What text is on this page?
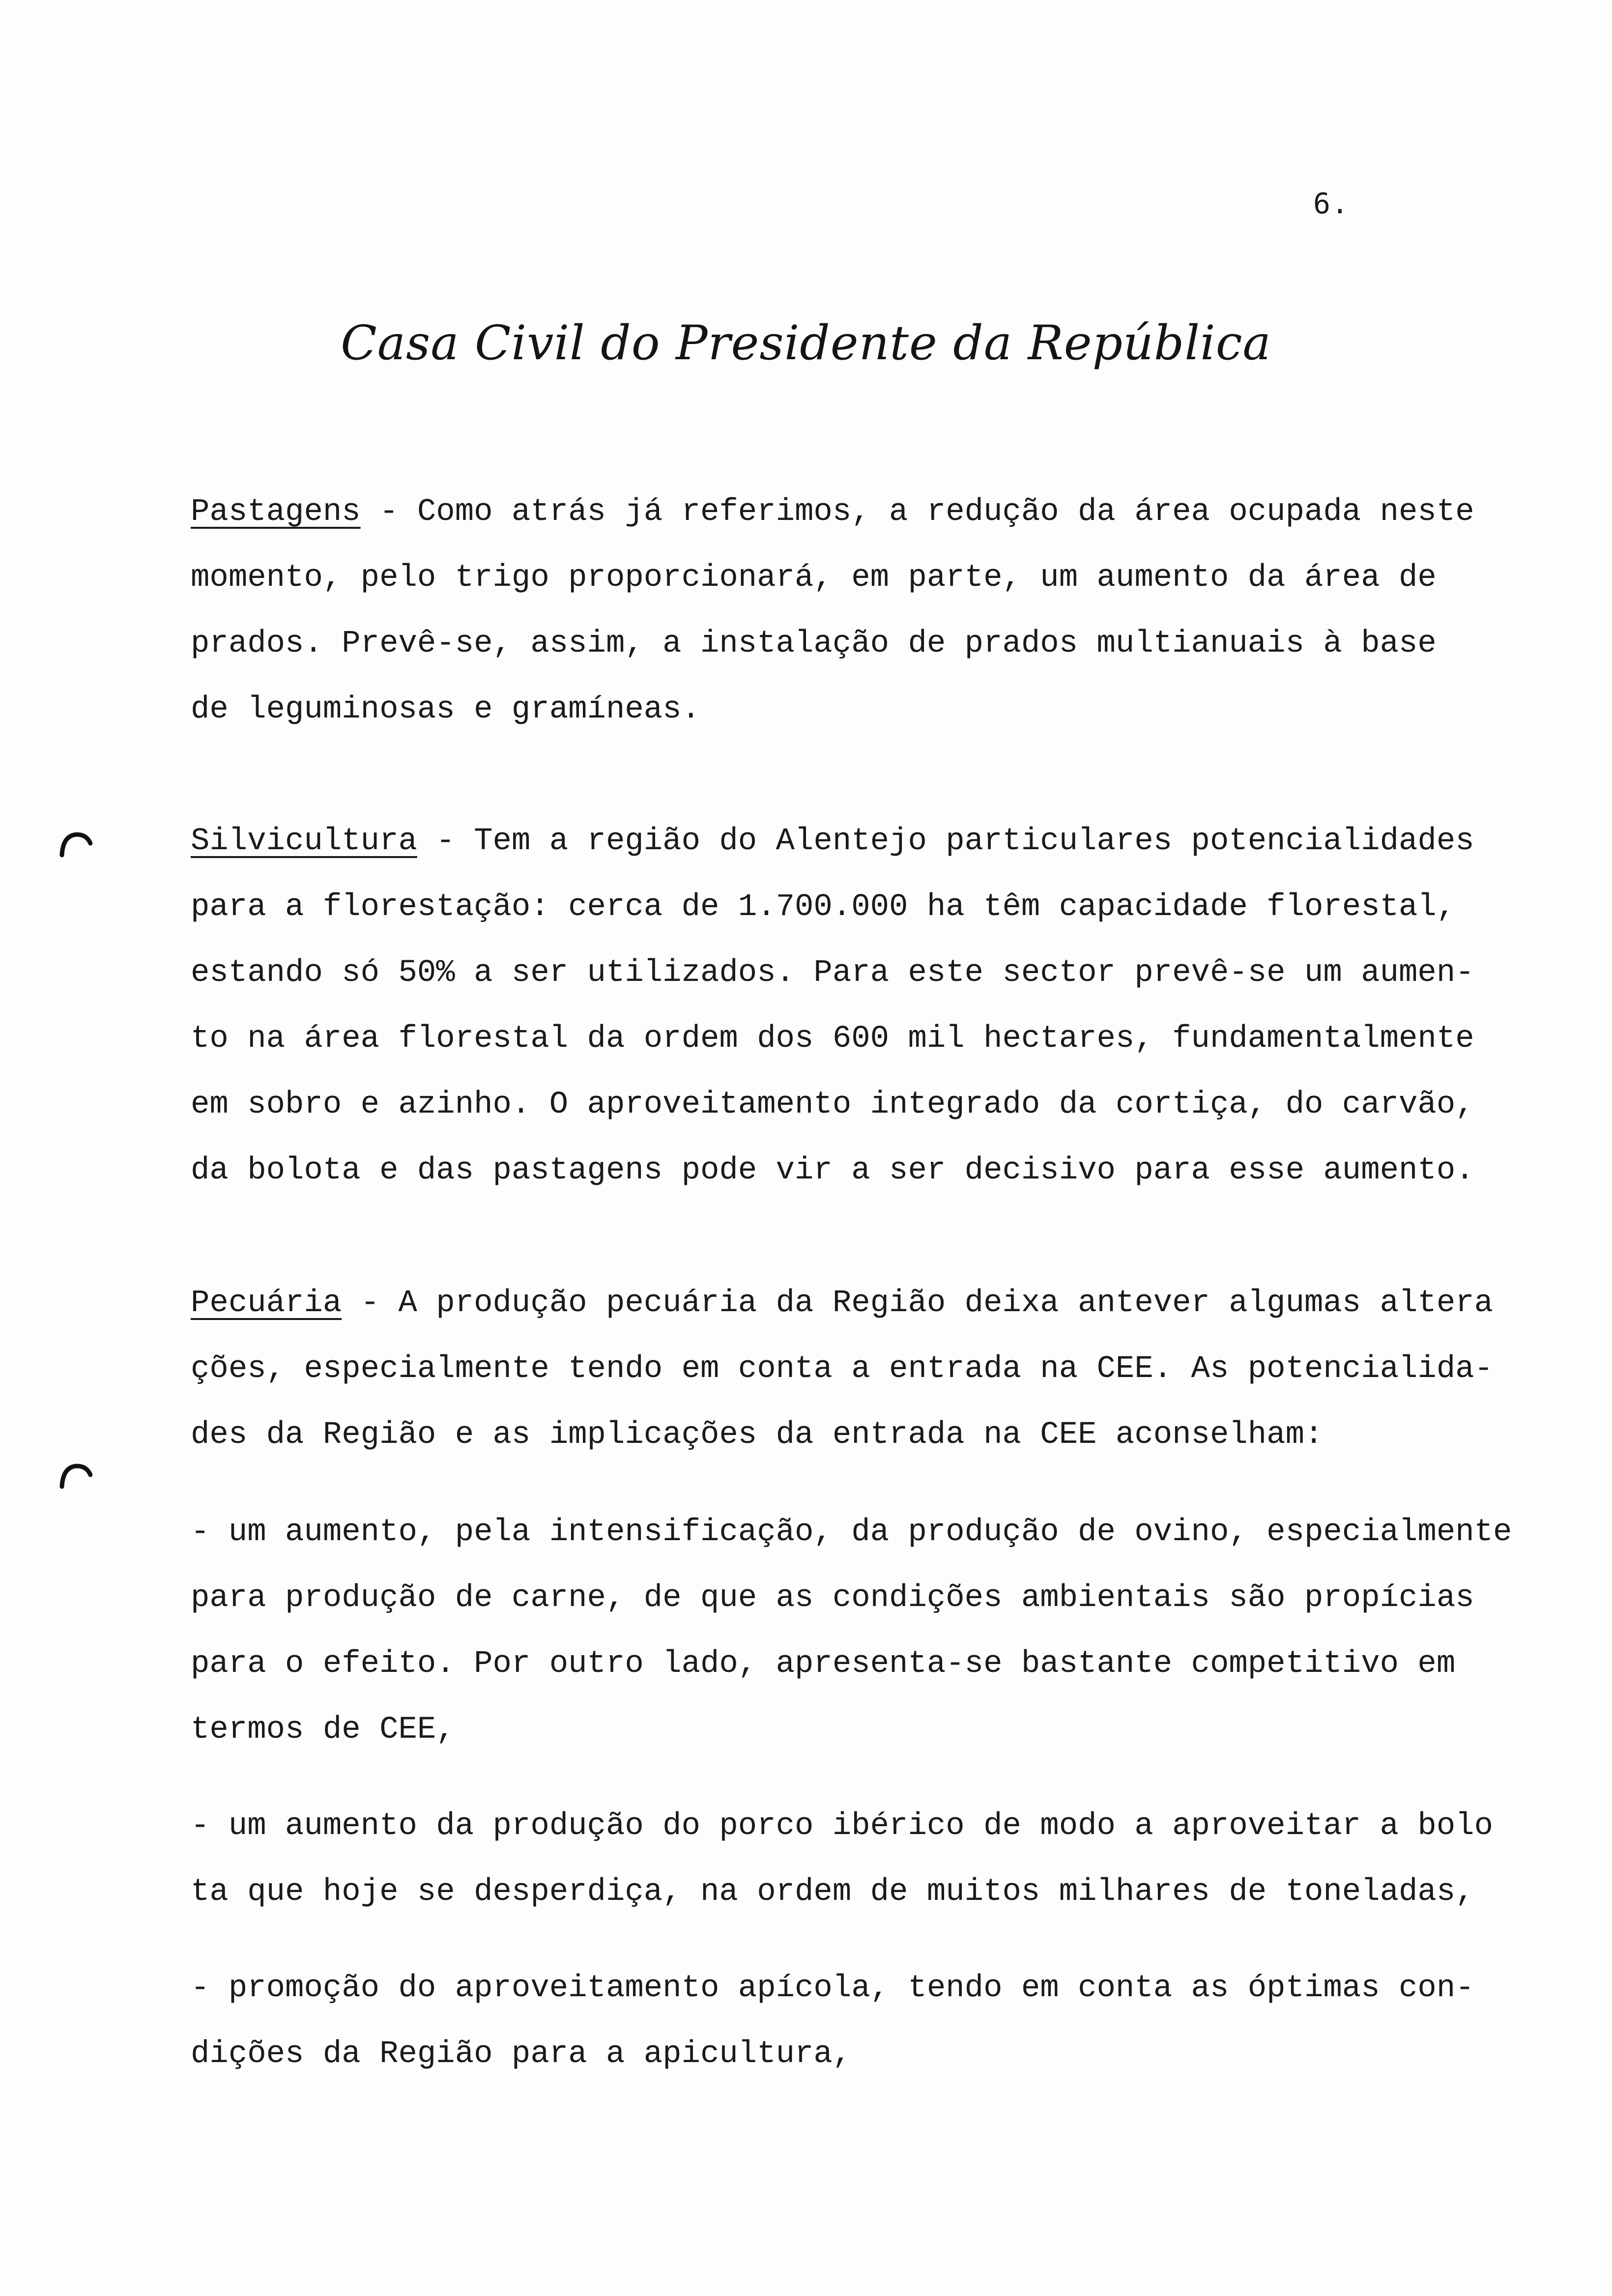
6.
Casa Civil do Presidente da República
Pastagens - Como atrás já referimos, a redução da área ocupada neste
momento, pelo trigo proporcionará, em parte, um aumento da área de
prados. Prevê-se, assim, a instalação de prados multianuais à base
de leguminosas e gramíneas.
Silvicultura - Tem a região do Alentejo particulares potencialidades
para a florestação: cerca de 1.700.000 ha têm capacidade florestal,
estando só 50% a ser utilizados. Para este sector prevê-se um aumen-
to na área florestal da ordem dos 600 mil hectares, fundamentalmente
em sobro e azinho. O aproveitamento integrado da cortiça, do carvão,
da bolota e das pastagens pode vir a ser decisivo para esse aumento.
Pecuária - A produção pecuária da Região deixa antever algumas altera
ções, especialmente tendo em conta a entrada na CEE. As potencialida-
des da Região e as implicações da entrada na CEE aconselham:
- um aumento, pela intensificação, da produção de ovino, especialmente
para produção de carne, de que as condições ambientais são propícias
para o efeito. Por outro lado, apresenta-se bastante competitivo em
termos de CEE,
- um aumento da produção do porco ibérico de modo a aproveitar a bolo
ta que hoje se desperdiça, na ordem de muitos milhares de toneladas,
- promoção do aproveitamento apícola, tendo em conta as óptimas con-
dições da Região para a apicultura,
